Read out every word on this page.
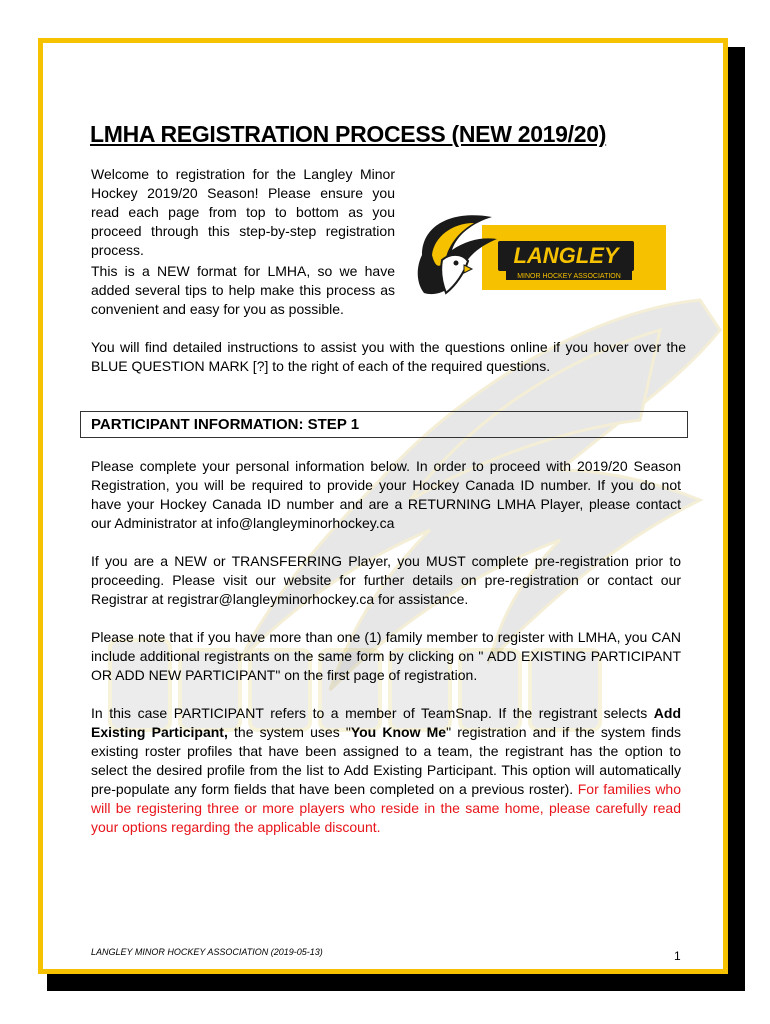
LMHA REGISTRATION PROCESS (NEW 2019/20)
Welcome to registration for the Langley Minor Hockey 2019/20 Season! Please ensure you read each page from top to bottom as you proceed through this step-by-step registration process.
This is a NEW format for LMHA, so we have added several tips to help make this process as convenient and easy for you as possible.
You will find detailed instructions to assist you with the questions online if you hover over the BLUE QUESTION MARK [?] to the right of each of the required questions.
LANGLEY
MINOR HOCKEY ASSOCIATION
PARTICIPANT INFORMATION: STEP 1
Please complete your personal information below. In order to proceed with 2019/20 Season Registration, you will be required to provide your Hockey Canada ID number. If you do not have your Hockey Canada ID number and are a RETURNING LMHA Player, please contact our Administrator at info@langleyminorhockey.ca
If you are a NEW or TRANSFERRING Player, you MUST complete pre-registration prior to proceeding. Please visit our website for further details on pre-registration or contact our Registrar at registrar@langleyminorhockey.ca for assistance.
Please note that if you have more than one (1) family member to register with LMHA, you CAN include additional registrants on the same form by clicking on " ADD EXISTING PARTICIPANT OR ADD NEW PARTICIPANT" on the first page of registration.
In this case PARTICIPANT refers to a member of TeamSnap. If the registrant selects Add Existing Participant, the system uses "You Know Me" registration and if the system finds existing roster profiles that have been assigned to a team, the registrant has the option to select the desired profile from the list to Add Existing Participant. This option will automatically pre-populate any form fields that have been completed on a previous roster). For families who will be registering three or more players who reside in the same home, please carefully read your options regarding the applicable discount.
LANGLEY MINOR HOCKEY ASSOCIATION (2019-05-13)	1
